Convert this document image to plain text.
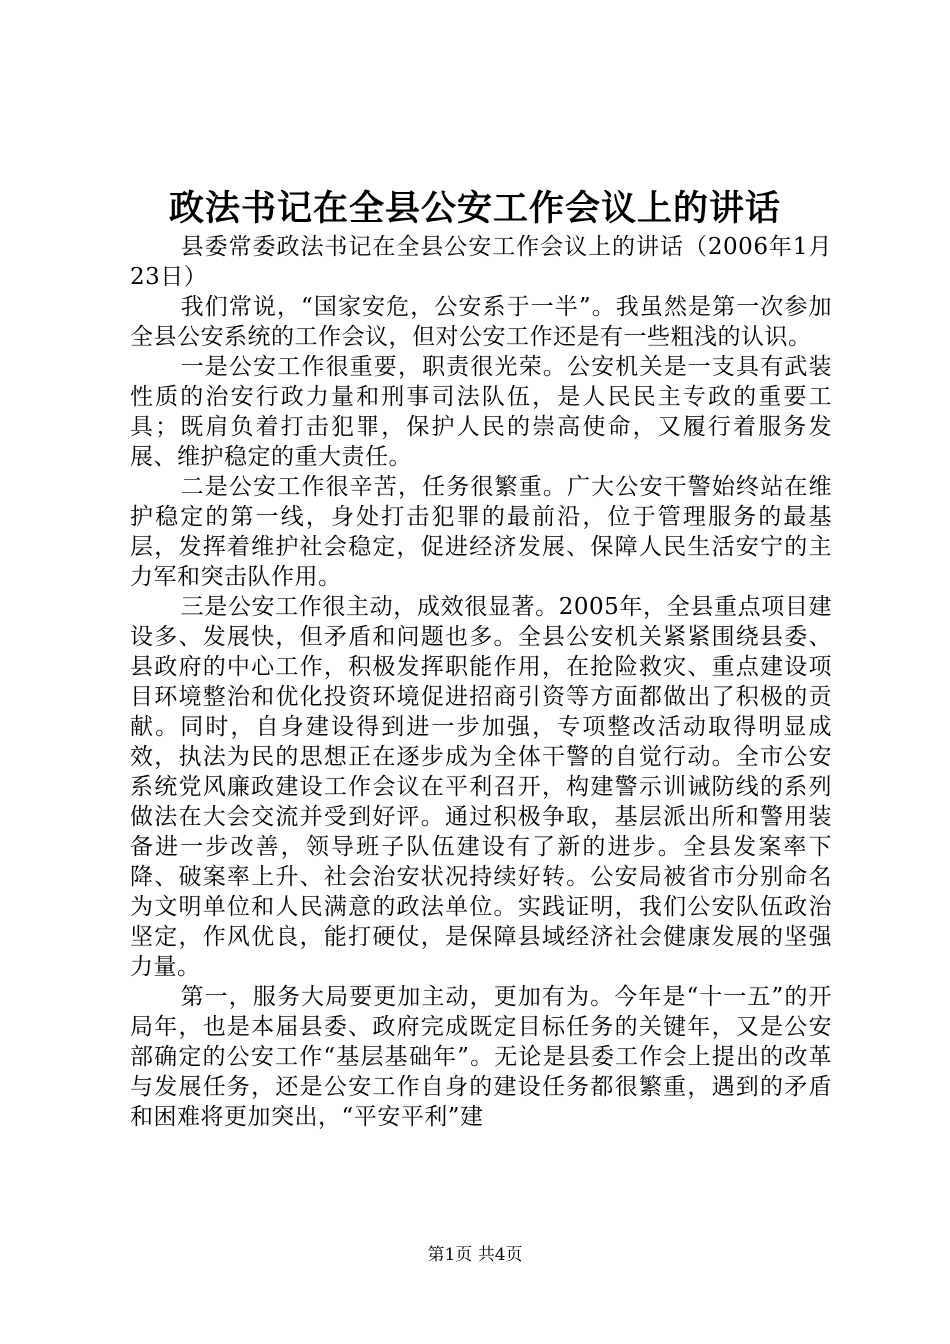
政法书记在全县公安工作会议上的讲话

县委常委政法书记在全县公安工作会议上的讲话（2006年1月23日）

我们常说，“国家安危，公安系于一半”。我虽然是第一次参加全县公安系统的工作会议，但对公安工作还是有一些粗浅的认识。

一是公安工作很重要，职责很光荣。公安机关是一支具有武装性质的治安行政力量和刑事司法队伍，是人民民主专政的重要工具；既肩负着打击犯罪，保护人民的崇高使命，又履行着服务发展、维护稳定的重大责任。

二是公安工作很辛苦，任务很繁重。广大公安干警始终站在维护稳定的第一线，身处打击犯罪的最前沿，位于管理服务的最基层，发挥着维护社会稳定，促进经济发展、保障人民生活安宁的主力军和突击队作用。

三是公安工作很主动，成效很显著。2005年，全县重点项目建设多、发展快，但矛盾和问题也多。全县公安机关紧紧围绕县委、县政府的中心工作，积极发挥职能作用，在抢险救灾、重点建设项目环境整治和优化投资环境促进招商引资等方面都做出了积极的贡献。同时，自身建设得到进一步加强，专项整改活动取得明显成效，执法为民的思想正在逐步成为全体干警的自觉行动。全市公安系统党风廉政建设工作会议在平利召开，构建警示训诫防线的系列做法在大会交流并受到好评。通过积极争取，基层派出所和警用装备进一步改善，领导班子队伍建设有了新的进步。全县发案率下降、破案率上升、社会治安状况持续好转。公安局被省市分别命名为文明单位和人民满意的政法单位。实践证明，我们公安队伍政治坚定，作风优良，能打硬仗，是保障县域经济社会健康发展的坚强力量。

第一，服务大局要更加主动，更加有为。今年是“十一五”的开局年，也是本届县委、政府完成既定目标任务的关键年，又是公安部确定的公安工作“基层基础年”。无论是县委工作会上提出的改革与发展任务，还是公安工作自身的建设任务都很繁重，遇到的矛盾和困难将更加突出，“平安平利”建

第1页 共4页
